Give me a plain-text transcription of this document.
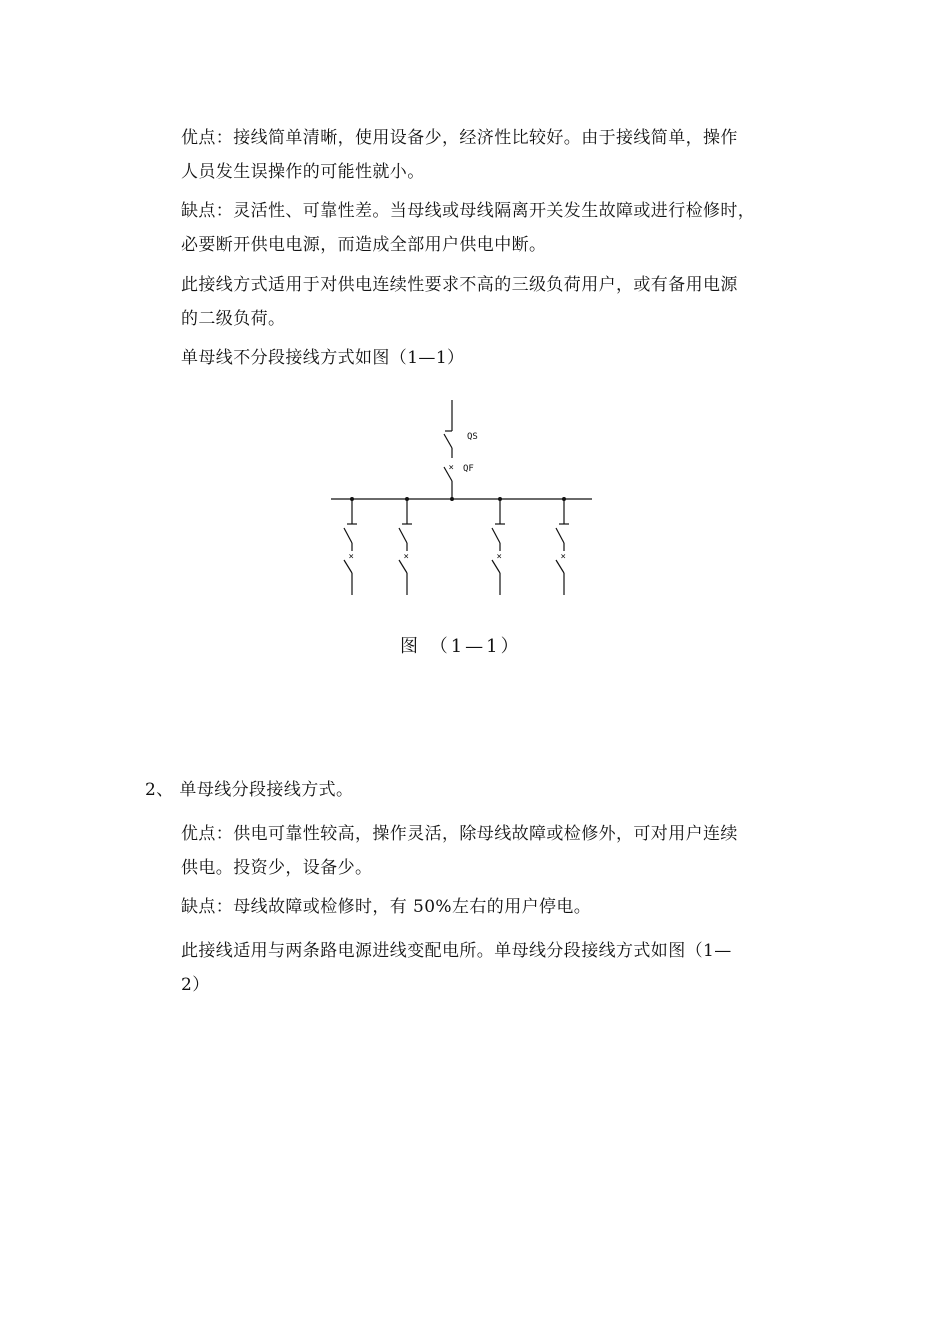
优点：接线简单清晰，使用设备少，经济性比较好。由于接线简单，操作
人员发生误操作的可能性就小。
缺点：灵活性、可靠性差。当母线或母线隔离开关发生故障或进行检修时，
必要断开供电电源，而造成全部用户供电中断。
此接线方式适用于对供电连续性要求不高的三级负荷用户，或有备用电源
的二级负荷。
单母线不分段接线方式如图（1—1）
×
QS
QF
×	×	×	×

图 （1—1）

2、 单母线分段接线方式。
优点：供电可靠性较高，操作灵活，除母线故障或检修外，可对用户连续
供电。投资少，设备少。
缺点：母线故障或检修时，有 50%左右的用户停电。
此接线适用与两条路电源进线变配电所。单母线分段接线方式如图（1—
2）
